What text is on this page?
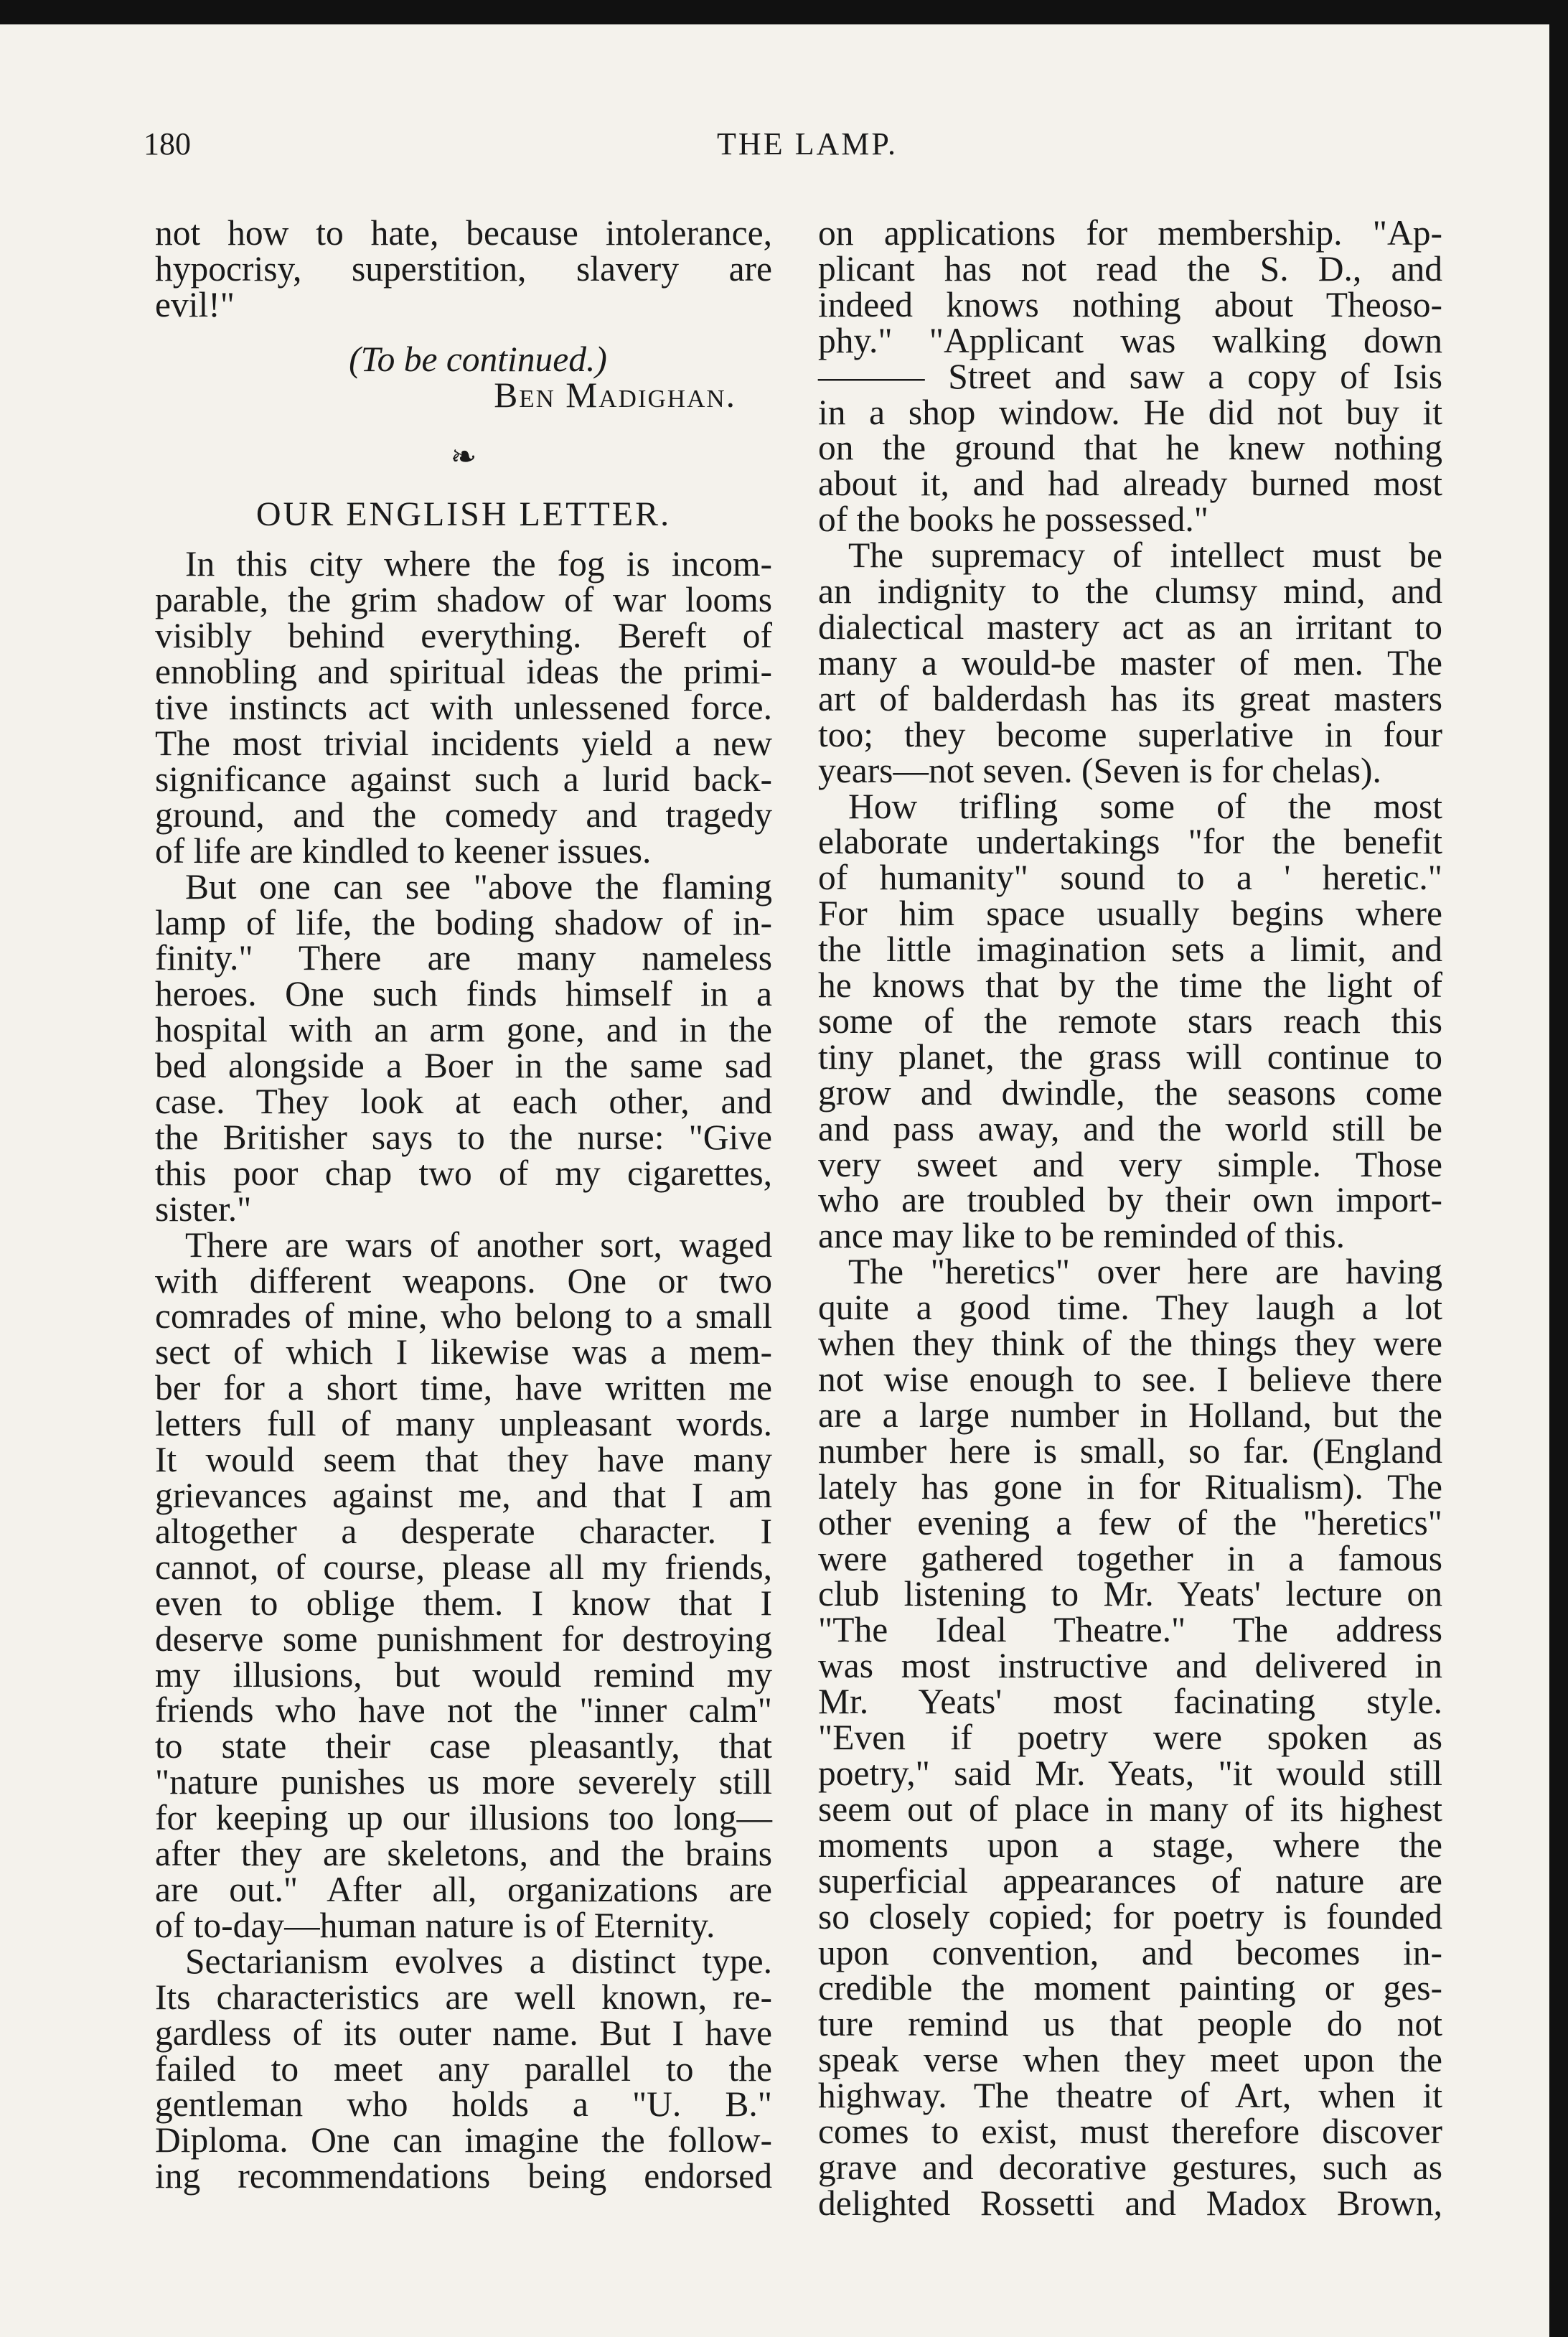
180	THE LAMP.
not how to hate, because intolerance,
hypocrisy, superstition, slavery are
evil!"
(To be continued.)
Ben Madighan.
❧
OUR ENGLISH LETTER.
In this city where the fog is incom-
parable, the grim shadow of war looms
visibly behind everything. Bereft of
ennobling and spiritual ideas the primi-
tive instincts act with unlessened force.
The most trivial incidents yield a new
significance against such a lurid back-
ground, and the comedy and tragedy
of life are kindled to keener issues.
But one can see "above the flaming
lamp of life, the boding shadow of in-
finity." There are many nameless
heroes. One such finds himself in a
hospital with an arm gone, and in the
bed alongside a Boer in the same sad
case. They look at each other, and
the Britisher says to the nurse: "Give
this poor chap two of my cigarettes,
sister."
There are wars of another sort, waged
with different weapons. One or two
comrades of mine, who belong to a small
sect of which I likewise was a mem-
ber for a short time, have written me
letters full of many unpleasant words.
It would seem that they have many
grievances against me, and that I am
altogether a desperate character. I
cannot, of course, please all my friends,
even to oblige them. I know that I
deserve some punishment for destroying
my illusions, but would remind my
friends who have not the "inner calm"
to state their case pleasantly, that
"nature punishes us more severely still
for keeping up our illusions too long—
after they are skeletons, and the brains
are out." After all, organizations are
of to-day—human nature is of Eternity.
Sectarianism evolves a distinct type.
Its characteristics are well known, re-
gardless of its outer name. But I have
failed to meet any parallel to the
gentleman who holds a "U. B."
Diploma. One can imagine the follow-
ing recommendations being endorsed
on applications for membership. "Ap-
plicant has not read the S. D., and
indeed knows nothing about Theoso-
phy." "Applicant was walking down
——— Street and saw a copy of Isis
in a shop window. He did not buy it
on the ground that he knew nothing
about it, and had already burned most
of the books he possessed."
The supremacy of intellect must be
an indignity to the clumsy mind, and
dialectical mastery act as an irritant to
many a would-be master of men. The
art of balderdash has its great masters
too; they become superlative in four
years—not seven. (Seven is for chelas).
How trifling some of the most
elaborate undertakings "for the benefit
of humanity" sound to a ' heretic."
For him space usually begins where
the little imagination sets a limit, and
he knows that by the time the light of
some of the remote stars reach this
tiny planet, the grass will continue to
grow and dwindle, the seasons come
and pass away, and the world still be
very sweet and very simple. Those
who are troubled by their own import-
ance may like to be reminded of this.
The "heretics" over here are having
quite a good time. They laugh a lot
when they think of the things they were
not wise enough to see. I believe there
are a large number in Holland, but the
number here is small, so far. (England
lately has gone in for Ritualism). The
other evening a few of the "heretics"
were gathered together in a famous
club listening to Mr. Yeats' lecture on
"The Ideal Theatre." The address
was most instructive and delivered in
Mr. Yeats' most facinating style.
"Even if poetry were spoken as
poetry," said Mr. Yeats, "it would still
seem out of place in many of its highest
moments upon a stage, where the
superficial appearances of nature are
so closely copied; for poetry is founded
upon convention, and becomes in-
credible the moment painting or ges-
ture remind us that people do not
speak verse when they meet upon the
highway. The theatre of Art, when it
comes to exist, must therefore discover
grave and decorative gestures, such as
delighted Rossetti and Madox Brown,
